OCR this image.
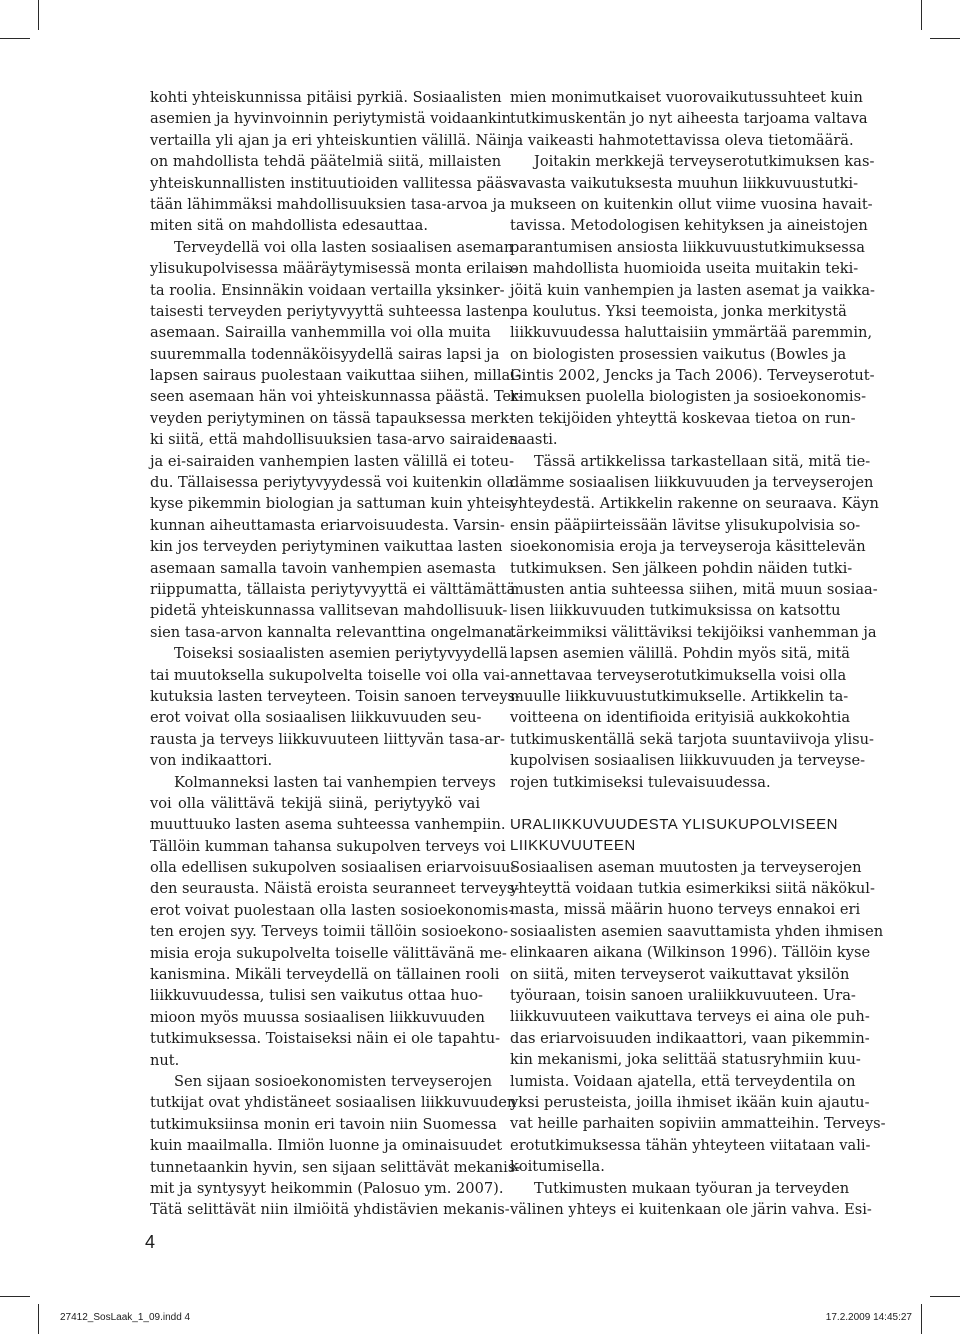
kohti yhteiskunnissa pitäisi pyrkiä. Sosiaalisten
asemien ja hyvinvoinnin periytymistä voidaankin
vertailla yli ajan ja eri yhteiskuntien välillä. Näin
on mahdollista tehdä päätelmiä siitä, millaisten
yhteiskunnallisten instituutioiden vallitessa pääs-
tään lähimmäksi mahdollisuuksien tasa-arvoa ja
miten sitä on mahdollista edesauttaa.
Terveydellä voi olla lasten sosiaalisen aseman
ylisukupolvisessa määräytymisessä monta erilais-
ta roolia. Ensinnäkin voidaan vertailla yksinker-
taisesti terveyden periytyvyyttä suhteessa lasten
asemaan. Sairailla vanhemmilla voi olla muita
suuremmalla todennäköisyydellä sairas lapsi ja
lapsen sairaus puolestaan vaikuttaa siihen, millai-
seen asemaan hän voi yhteiskunnassa päästä. Ter-
veyden periytyminen on tässä tapauksessa merk-
ki siitä, että mahdollisuuksien tasa-arvo sairaiden
ja ei-sairaiden vanhempien lasten välillä ei toteu-
du. Tällaisessa periytyvyydessä voi kuitenkin olla
kyse pikemmin biologian ja sattuman kuin yhteis-
kunnan aiheuttamasta eriarvoisuudesta. Varsin-
kin jos terveyden periytyminen vaikuttaa lasten
asemaan samalla tavoin vanhempien asemasta
riippumatta, tällaista periytyvyyttä ei välttämättä
pidetä yhteiskunnassa vallitsevan mahdollisuuk-
sien tasa-arvon kannalta relevanttina ongelmana.
Toiseksi sosiaalisten asemien periytyvyydellä
tai muutoksella sukupolvelta toiselle voi olla vai-
kutuksia lasten terveyteen. Toisin sanoen terveys-
erot voivat olla sosiaalisen liikkuvuuden seu-
rausta ja terveys liikkuvuuteen liittyvän tasa-ar-
von indikaattori.
Kolmanneksi lasten tai vanhempien terveys
voi olla välittävä tekijä siinä, periytyykö vai
muuttuuko lasten asema suhteessa vanhempiin.
Tällöin kumman tahansa sukupolven terveys voi
olla edellisen sukupolven sosiaalisen eriarvoisuu-
den seurausta. Näistä eroista seuranneet terveys-
erot voivat puolestaan olla lasten sosioekonomis-
ten erojen syy. Terveys toimii tällöin sosioekono-
misia eroja sukupolvelta toiselle välittävänä me-
kanismina. Mikäli terveydellä on tällainen rooli
liikkuvuudessa, tulisi sen vaikutus ottaa huo-
mioon myös muussa sosiaalisen liikkuvuuden
tutkimuksessa. Toistaiseksi näin ei ole tapahtu-
nut.
Sen sijaan sosioekonomisten terveyserojen
tutkijat ovat yhdistäneet sosiaalisen liikkuvuuden
tutkimuksiinsa monin eri tavoin niin Suomessa
kuin maailmalla. Ilmiön luonne ja ominaisuudet
tunnetaankin hyvin, sen sijaan selittävät mekanis-
mit ja syntysyyt heikommin (Palosuo ym. 2007).
Tätä selittävät niin ilmiöitä yhdistävien mekanis-
mien monimutkaiset vuorovaikutussuhteet kuin
tutkimuskentän jo nyt aiheesta tarjoama valtava
ja vaikeasti hahmotettavissa oleva tietomäärä.
Joitakin merkkejä terveyserotutkimuksen kas-
vavasta vaikutuksesta muuhun liikkuvuustutki-
mukseen on kuitenkin ollut viime vuosina havait-
tavissa. Metodologisen kehityksen ja aineistojen
parantumisen ansiosta liikkuvuustutkimuksessa
on mahdollista huomioida useita muitakin teki-
jöitä kuin vanhempien ja lasten asemat ja vaikka-
pa koulutus. Yksi teemoista, jonka merkitystä
liikkuvuudessa haluttaisiin ymmärtää paremmin,
on biologisten prosessien vaikutus (Bowles ja
Gintis 2002, Jencks ja Tach 2006). Terveyserotut-
kimuksen puolella biologisten ja sosioekonomis-
ten tekijöiden yhteyttä koskevaa tietoa on run-
saasti.
Tässä artikkelissa tarkastellaan sitä, mitä tie-
dämme sosiaalisen liikkuvuuden ja terveyserojen
yhteydestä. Artikkelin rakenne on seuraava. Käyn
ensin pääpiirteissään lävitse ylisukupolvisia so-
sioekonomisia eroja ja terveyseroja käsittelevän
tutkimuksen. Sen jälkeen pohdin näiden tutki-
musten antia suhteessa siihen, mitä muun sosiaa-
lisen liikkuvuuden tutkimuksissa on katsottu
tärkeimmiksi välittäviksi tekijöiksi vanhemman ja
lapsen asemien välillä. Pohdin myös sitä, mitä
annettavaa terveyserotutkimuksella voisi olla
muulle liikkuvuustutkimukselle. Artikkelin ta-
voitteena on identifioida erityisiä aukkokohtia
tutkimuskentällä sekä tarjota suuntaviivoja ylisu-
kupolvisen sosiaalisen liikkuvuuden ja terveyse-
rojen tutkimiseksi tulevaisuudessa.
URALIIKKUVUUDESTA YLISUKUPOLVISEEN
LIIKKUVUUTEEN
Sosiaalisen aseman muutosten ja terveyserojen
yhteyttä voidaan tutkia esimerkiksi siitä näkökul-
masta, missä määrin huono terveys ennakoi eri
sosiaalisten asemien saavuttamista yhden ihmisen
elinkaaren aikana (Wilkinson 1996). Tällöin kyse
on siitä, miten terveyserot vaikuttavat yksilön
työuraan, toisin sanoen uraliikkuvuuteen. Ura-
liikkuvuuteen vaikuttava terveys ei aina ole puh-
das eriarvoisuuden indikaattori, vaan pikemmin-
kin mekanismi, joka selittää statusryhmiin kuu-
lumista. Voidaan ajatella, että terveydentila on
yksi perusteista, joilla ihmiset ikään kuin ajautu-
vat heille parhaiten sopiviin ammatteihin. Terveys-
erotutkimuksessa tähän yhteyteen viitataan vali-
koitumisella.
Tutkimusten mukaan työuran ja terveyden
välinen yhteys ei kuitenkaan ole järin vahva. Esi-
4
27412_SosLaak_1_09.indd 4	17.2.2009 14:45:27
